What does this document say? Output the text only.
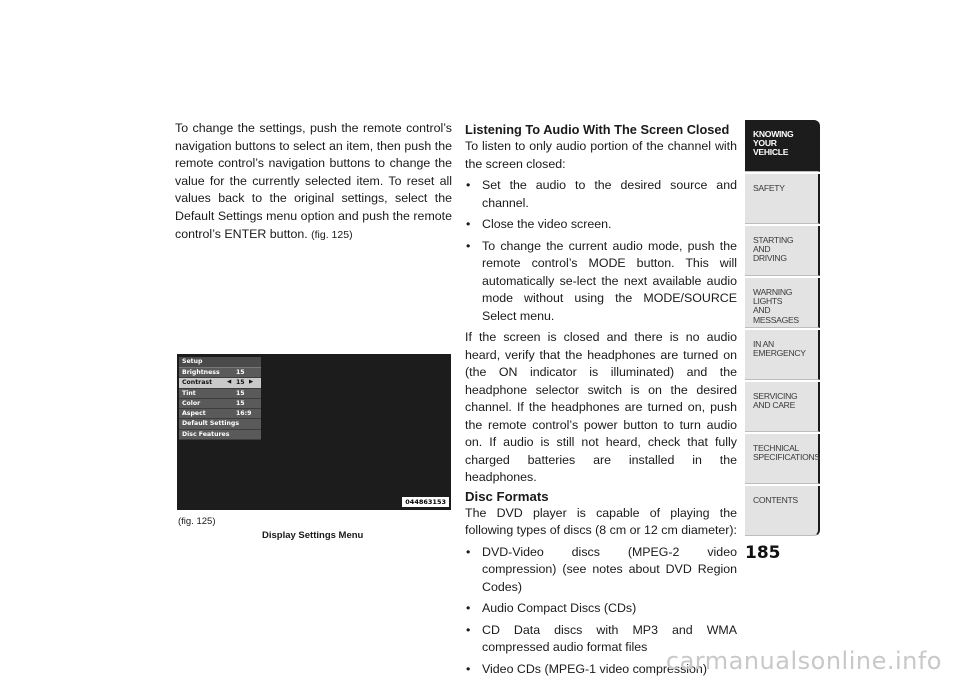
To change the settings, push the remote control’s navigation buttons to select an item, then push the remote control’s navigation buttons to change the value for the currently selected item. To reset all values back to the original settings, select the Default Settings menu option and push the remote control’s ENTER button. (fig. 125)

Setup
Brightness	15
Contrast	◀ 15 ▶
Tint	15
Color	15
Aspect	16:9
Default Settings
Disc Features
044863153
(fig. 125)
Display Settings Menu
Listening To Audio With The Screen Closed

To listen to only audio portion of the channel with the screen closed:

• Set the audio to the desired source and channel.
• Close the video screen.
• To change the current audio mode, push the remote control’s MODE button. This will automatically se-lect the next available audio mode without using the MODE/SOURCE Select menu.

If the screen is closed and there is no audio heard, verify that the headphones are turned on (the ON indicator is illuminated) and the headphone selector switch is on the desired channel. If the headphones are turned on, push the remote control’s power button to turn audio on. If audio is still not heard, check that fully charged batteries are installed in the headphones.

Disc Formats

The DVD player is capable of playing the following types of discs (8 cm or 12 cm diameter):

• DVD-Video discs (MPEG-2 video compression) (see notes about DVD Region Codes)
• Audio Compact Discs (CDs)
• CD Data discs with MP3 and WMA compressed audio format files
• Video CDs (MPEG-1 video compression)
KNOWING
YOUR
VEHICLE
SAFETY
STARTING
AND
DRIVING
WARNING
LIGHTS
AND
MESSAGES
IN AN
EMERGENCY
SERVICING
AND CARE
TECHNICAL
SPECIFICATIONS
CONTENTS
185
carmanualsonline.info
